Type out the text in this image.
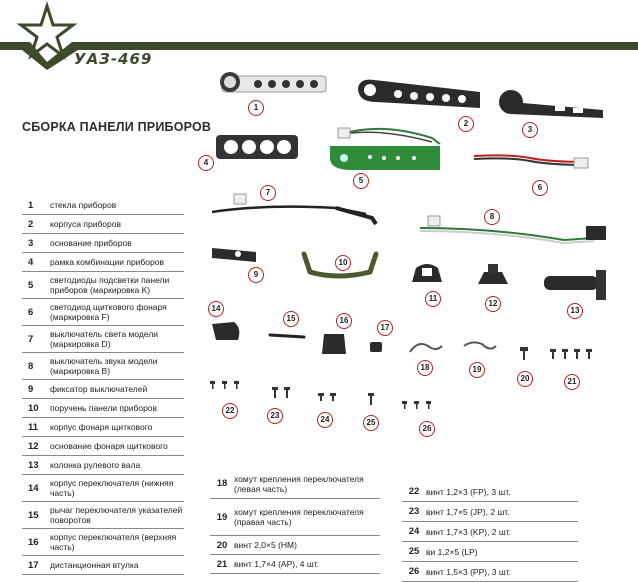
УАЗ-469
СБОРКА ПАНЕЛИ ПРИБОРОВ
1
2
3
4
5
6
7
8
9
10
11
12
13
14
15	16
17
18	19
20	21
22
23	24	25
26
1	стекла приборов
2	корпуса приборов
3	основание приборов
4	рамка комбинации приборов
5	светодиоды подсветки панели приборов (маркировка K)
6	светодиод щиткового фонаря (маркировка F)
7	выключатель света модели (маркировка D)
8	выключатель звука модели (маркировка B)
9	фиксатор выключателей
10	поручень панели приборов
11	корпус фонаря щиткового
12	основание фонаря щиткового
13	колонка рулевого вала
14	корпус переключателя (нижняя часть)
15	рычаг переключателя указателей поворотов
16	корпус переключателя (верхняя часть)
17	дистанционная втулка
18 хомут крепления переключателя (левая часть)
19 хомут крепления переключателя (правая часть)
20 винт 2,0×5 (НМ)
21 винт 1,7×4 (АР), 4 шт.
22 винт 1,2×3 (FP), 3 шт.
23 винт 1,7×5 (JP), 2 шт.
24 винт 1,7×3 (KP), 2 шт.
25 ви 1,2×5 (LP)
26 винт 1,5×3 (PP), 3 шт.
